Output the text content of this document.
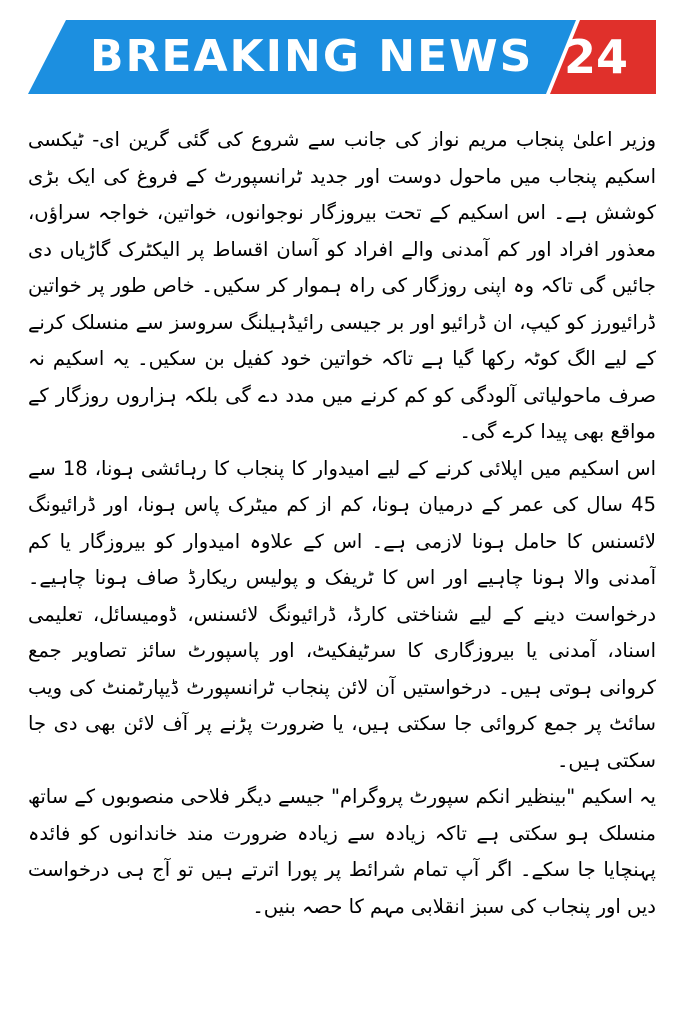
BREAKING NEWS 24

وزیر اعلیٰ پنجاب مریم نواز کی جانب سے شروع کی گئی گرین ای- ٹیکسی اسکیم پنجاب میں ماحول دوست اور جدید ٹرانسپورٹ کے فروغ کی ایک بڑی کوشش ہے۔ اس اسکیم کے تحت بیروزگار نوجوانوں، خواتین، خواجہ سراؤں، معذور افراد اور کم آمدنی والے افراد کو آسان اقساط پر الیکٹرک گاڑیاں دی جائیں گی تاکہ وہ اپنی روزگار کی راہ ہموار کر سکیں۔ خاص طور پر خواتین ڈرائیورز کو کیپ، ان ڈرائیو اور بر جیسی رائیڈہیلنگ سروسز سے منسلک کرنے کے لیے الگ کوٹہ رکھا گیا ہے تاکہ خواتین خود کفیل بن سکیں۔ یہ اسکیم نہ صرف ماحولیاتی آلودگی کو کم کرنے میں مدد دے گی بلکہ ہزاروں روزگار کے مواقع بھی پیدا کرے گی۔

اس اسکیم میں اپلائی کرنے کے لیے امیدوار کا پنجاب کا رہائشی ہونا، 18 سے 45 سال کی عمر کے درمیان ہونا، کم از کم میٹرک پاس ہونا، اور ڈرائیونگ لائسنس کا حامل ہونا لازمی ہے۔ اس کے علاوہ امیدوار کو بیروزگار یا کم آمدنی والا ہونا چاہیے اور اس کا ٹریفک و پولیس ریکارڈ صاف ہونا چاہیے۔ درخواست دینے کے لیے شناختی کارڈ، ڈرائیونگ لائسنس، ڈومیسائل، تعلیمی اسناد، آمدنی یا بیروزگاری کا سرٹیفکیٹ، اور پاسپورٹ سائز تصاویر جمع کروانی ہوتی ہیں۔ درخواستیں آن لائن پنجاب ٹرانسپورٹ ڈیپارٹمنٹ کی ویب سائٹ پر جمع کروائی جا سکتی ہیں، یا ضرورت پڑنے پر آف لائن بھی دی جا سکتی ہیں۔

یہ اسکیم "بینظیر انکم سپورٹ پروگرام" جیسے دیگر فلاحی منصوبوں کے ساتھ منسلک ہو سکتی ہے تاکہ زیادہ سے زیادہ ضرورت مند خاندانوں کو فائدہ پہنچایا جا سکے۔ اگر آپ تمام شرائط پر پورا اترتے ہیں تو آج ہی درخواست دیں اور پنجاب کی سبز انقلابی مہم کا حصہ بنیں۔
